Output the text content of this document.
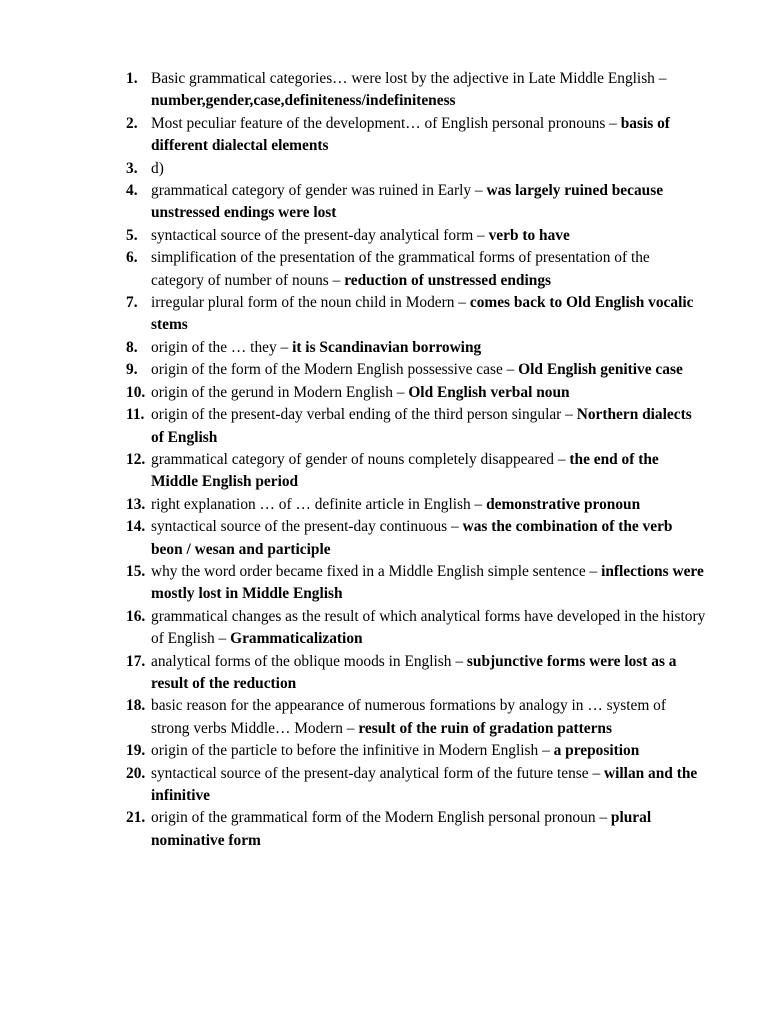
1. Basic grammatical categories… were lost by the adjective in Late Middle English – number,gender,case,definiteness/indefiniteness
2. Most peculiar feature of the development… of English personal pronouns – basis of different dialectal elements
3. d)
4. grammatical category of gender was ruined in Early – was largely ruined because unstressed endings were lost
5. syntactical source of the present-day analytical form – verb to have
6. simplification of the presentation of the grammatical forms of presentation of the category of number of nouns – reduction of unstressed endings
7. irregular plural form of the noun child in Modern – comes back to Old English vocalic stems
8. origin of the … they – it is Scandinavian borrowing
9. origin of the form of the Modern English possessive case – Old English genitive case
10. origin of the gerund in Modern English – Old English verbal noun
11. origin of the present-day verbal ending of the third person singular – Northern dialects of English
12. grammatical category of gender of nouns completely disappeared – the end of the Middle English period
13. right explanation … of … definite article in English – demonstrative pronoun
14. syntactical source of the present-day continuous – was the combination of the verb beon / wesan and participle
15. why the word order became fixed in a Middle English simple sentence – inflections were mostly lost in Middle English
16. grammatical changes as the result of which analytical forms have developed in the history of English – Grammaticalization
17. analytical forms of the oblique moods in English – subjunctive forms were lost as a result of the reduction
18. basic reason for the appearance of numerous formations by analogy in … system of strong verbs Middle… Modern – result of the ruin of gradation patterns
19. origin of the particle to before the infinitive in Modern English – a preposition
20. syntactical source of the present-day analytical form of the future tense – willan and the infinitive
21. origin of the grammatical form of the Modern English personal pronoun – plural nominative form
